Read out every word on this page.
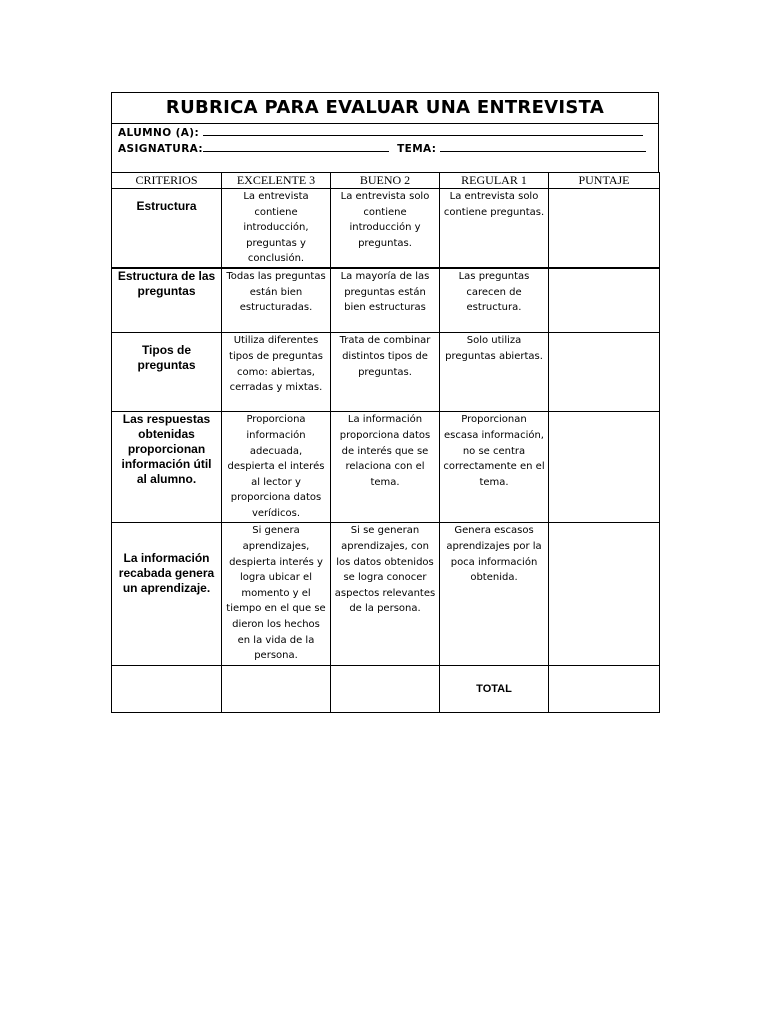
RUBRICA PARA EVALUAR UNA ENTREVISTA
ALUMNO (A):
ASIGNATURA:	TEMA:
CRITERIOS	EXCELENTE 3	BUENO 2	REGULAR 1	PUNTAJE
Estructura	La entrevista contiene introducción, preguntas y conclusión.	La entrevista solo contiene introducción y preguntas.	La entrevista solo contiene preguntas.	
Estructura de las preguntas	Todas las preguntas están bien estructuradas.	La mayoría de las preguntas están bien estructuras	Las preguntas carecen de estructura.	
Tipos de preguntas	Utiliza diferentes tipos de preguntas como: abiertas, cerradas y mixtas.	Trata de combinar distintos tipos de preguntas.	Solo utiliza preguntas abiertas.	
Las respuestas obtenidas proporcionan información útil al alumno.	Proporciona información adecuada, despierta el interés al lector y proporciona datos verídicos.	La información proporciona datos de interés que se relaciona con el tema.	Proporcionan escasa información, no se centra correctamente en el tema.	
La información recabada genera un aprendizaje.	Si genera aprendizajes, despierta interés y logra ubicar el momento y el tiempo en el que se dieron los hechos en la vida de la persona.	Si se generan aprendizajes, con los datos obtenidos se logra conocer aspectos relevantes de la persona.	Genera escasos aprendizajes por la poca información obtenida.	
			TOTAL	
